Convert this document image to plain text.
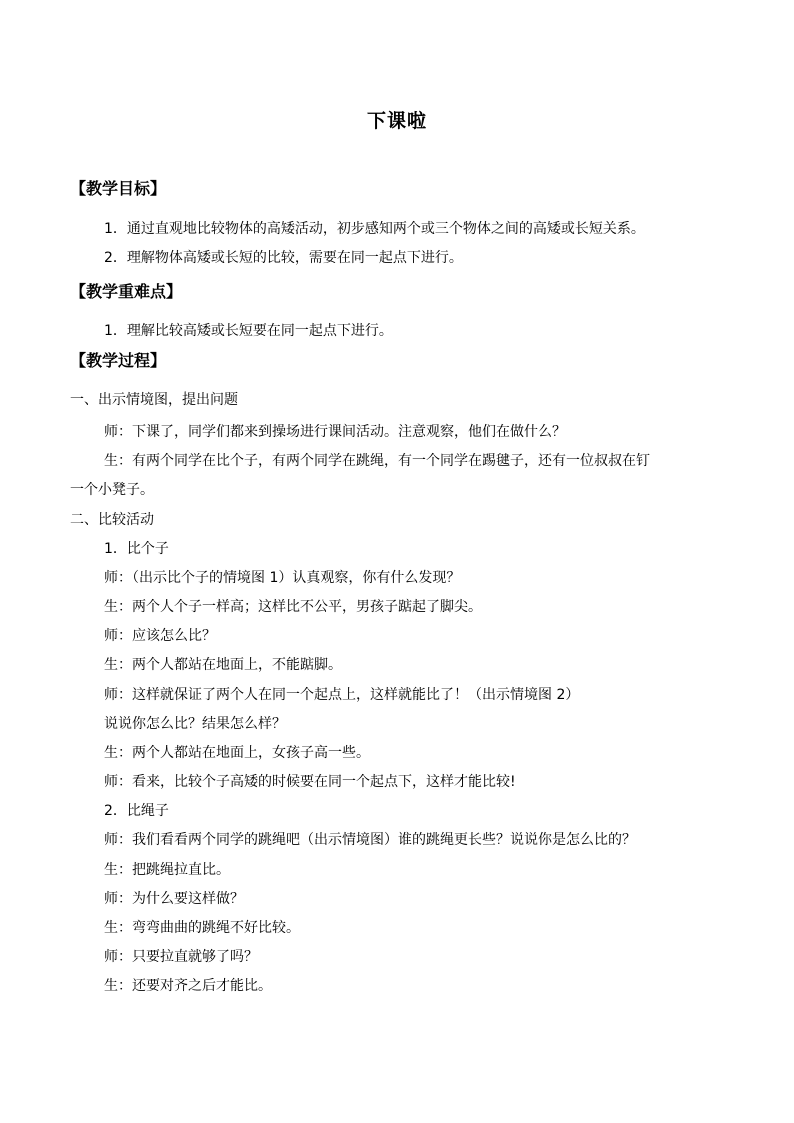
下课啦
【教学目标】
1．通过直观地比较物体的高矮活动，初步感知两个或三个物体之间的高矮或长短关系。
2．理解物体高矮或长短的比较，需要在同一起点下进行。
【教学重难点】
1．理解比较高矮或长短要在同一起点下进行。
【教学过程】
一、出示情境图，提出问题
师：下课了，同学们都来到操场进行课间活动。注意观察，他们在做什么？
生：有两个同学在比个子，有两个同学在跳绳，有一个同学在踢毽子，还有一位叔叔在钉
一个小凳子。
二、比较活动
1．比个子
师：（出示比个子的情境图 1）认真观察，你有什么发现？
生：两个人个子一样高；这样比不公平，男孩子踮起了脚尖。
师：应该怎么比？
生：两个人都站在地面上，不能踮脚。
师：这样就保证了两个人在同一个起点上，这样就能比了！（出示情境图 2）
说说你怎么比？结果怎么样？
生：两个人都站在地面上，女孩子高一些。
师：看来，比较个子高矮的时候要在同一个起点下，这样才能比较!
2．比绳子
师：我们看看两个同学的跳绳吧（出示情境图）谁的跳绳更长些？说说你是怎么比的？
生：把跳绳拉直比。
师：为什么要这样做？
生：弯弯曲曲的跳绳不好比较。
师：只要拉直就够了吗？
生：还要对齐之后才能比。
